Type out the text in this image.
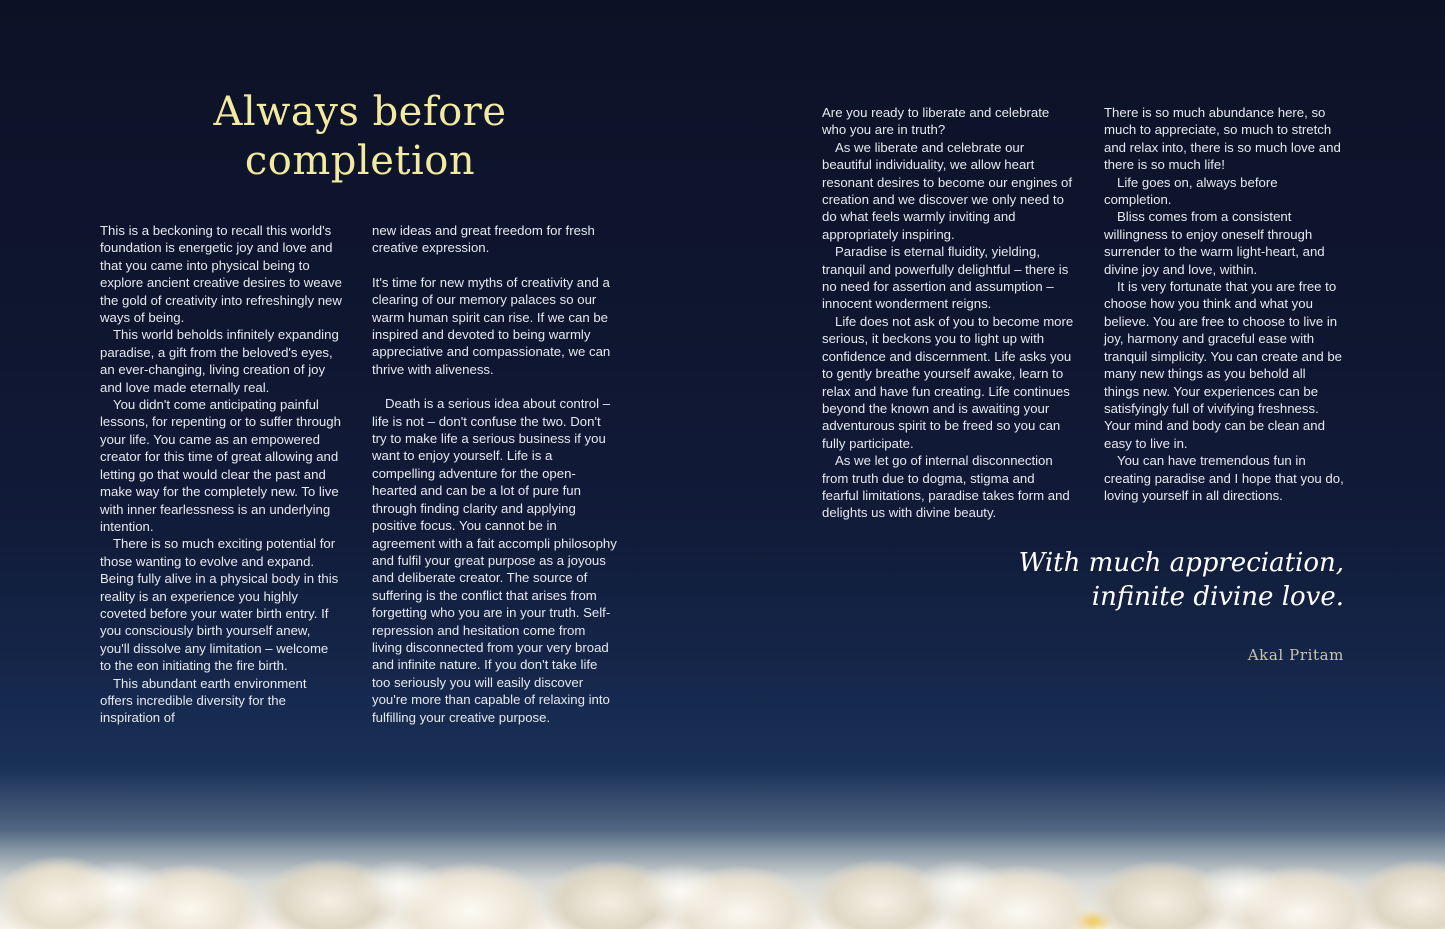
Always before
completion

This is a beckoning to recall this world's foundation is energetic joy and love and that you came into physical being to explore ancient creative desires to weave the gold of creativity into refreshingly new ways of being.

This world beholds infinitely expanding paradise, a gift from the beloved's eyes, an ever-changing, living creation of joy and love made eternally real.

You didn't come anticipating painful lessons, for repenting or to suffer through your life. You came as an empowered creator for this time of great allowing and letting go that would clear the past and make way for the completely new. To live with inner fearlessness is an underlying intention.

There is so much exciting potential for those wanting to evolve and expand. Being fully alive in a physical body in this reality is an experience you highly coveted before your water birth entry. If you consciously birth yourself anew, you'll dissolve any limitation – welcome to the eon initiating the fire birth.

This abundant earth environment offers incredible diversity for the inspiration of

new ideas and great freedom for fresh creative expression.

It's time for new myths of creativity and a clearing of our memory palaces so our warm human spirit can rise. If we can be inspired and devoted to being warmly appreciative and compassionate, we can thrive with aliveness.

Death is a serious idea about control – life is not – don't confuse the two. Don't try to make life a serious business if you want to enjoy yourself. Life is a compelling adventure for the open-hearted and can be a lot of pure fun through finding clarity and applying positive focus. You cannot be in agreement with a fait accompli philosophy and fulfil your great purpose as a joyous and deliberate creator. The source of suffering is the conflict that arises from forgetting who you are in your truth. Self-repression and hesitation come from living disconnected from your very broad and infinite nature. If you don't take life too seriously you will easily discover you're more than capable of relaxing into fulfilling your creative purpose.

Are you ready to liberate and celebrate who you are in truth?

As we liberate and celebrate our beautiful individuality, we allow heart resonant desires to become our engines of creation and we discover we only need to do what feels warmly inviting and appropriately inspiring.

Paradise is eternal fluidity, yielding, tranquil and powerfully delightful – there is no need for assertion and assumption – innocent wonderment reigns.

Life does not ask of you to become more serious, it beckons you to light up with confidence and discernment. Life asks you to gently breathe yourself awake, learn to relax and have fun creating. Life continues beyond the known and is awaiting your adventurous spirit to be freed so you can fully participate.

As we let go of internal disconnection from truth due to dogma, stigma and fearful limitations, paradise takes form and delights us with divine beauty.

There is so much abundance here, so much to appreciate, so much to stretch and relax into, there is so much love and there is so much life!

Life goes on, always before completion.

Bliss comes from a consistent willingness to enjoy oneself through surrender to the warm light-heart, and divine joy and love, within.

It is very fortunate that you are free to choose how you think and what you believe. You are free to choose to live in joy, harmony and graceful ease with tranquil simplicity. You can create and be many new things as you behold all things new. Your experiences can be satisfyingly full of vivifying freshness. Your mind and body can be clean and easy to live in.

You can have tremendous fun in creating paradise and I hope that you do, loving yourself in all directions.

With much appreciation,
infinite divine love.
Akal Pritam
